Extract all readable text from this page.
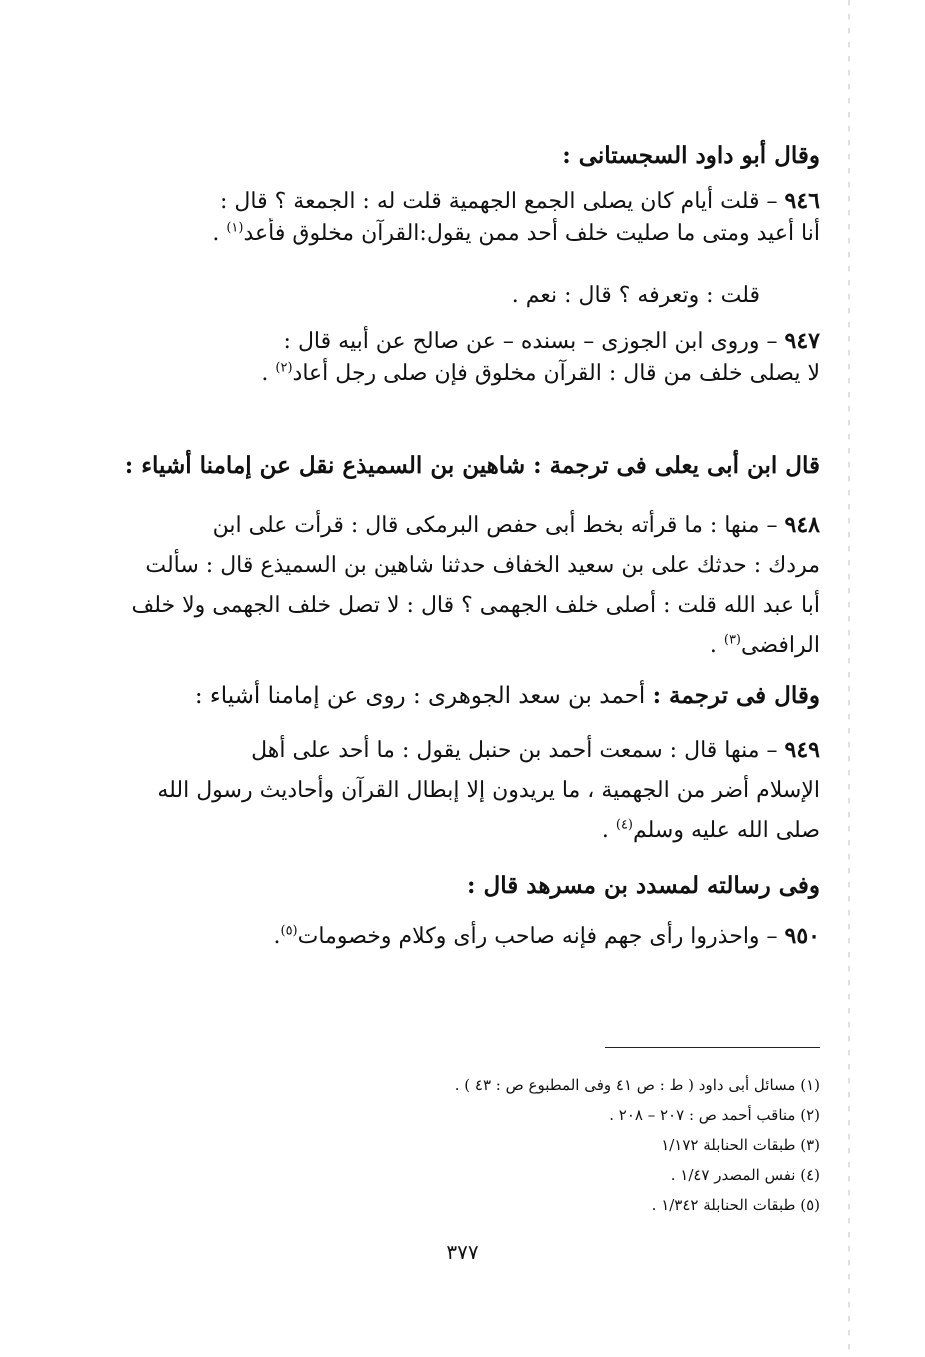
وقال أبو داود السجستانى :
٩٤٦ – قلت أيام كان يصلى الجمع الجهمية قلت له : الجمعة ؟ قال :
أنا أعيد ومتى ما صليت خلف أحد ممن يقول:القرآن مخلوق فأعد$^{(١)}$ .
قلت : وتعرفه ؟ قال : نعم .
٩٤٧ – وروى ابن الجوزى – بسنده – عن صالح عن أبيه قال :
لا يصلى خلف من قال : القرآن مخلوق فإن صلى رجل أعاد$^{(٢)}$ .
قال ابن أبى يعلى فى ترجمة : شاهين بن السميذع نقل عن إمامنا أشياء :
٩٤٨ – منها : ما قرأته بخط أبى حفص البرمكى قال : قرأت على ابن
مردك : حدثك على بن سعيد الخفاف حدثنا شاهين بن السميذع قال : سألت
أبا عبد الله قلت : أصلى خلف الجهمى ؟ قال : لا تصل خلف الجهمى ولا خلف
الرافضى$^{(٣)}$ .
وقال فى ترجمة : أحمد بن سعد الجوهرى : روى عن إمامنا أشياء :
٩٤٩ – منها قال : سمعت أحمد بن حنبل يقول : ما أحد على أهل
الإسلام أضر من الجهمية ، ما يريدون إلا إبطال القرآن وأحاديث رسول الله
صلى الله عليه وسلم$^{(٤)}$ .
وفى رسالته لمسدد بن مسرهد قال :
٩٥٠ – واحذروا رأى جهم فإنه صاحب رأى وكلام وخصومات$^{(٥)}$.
(١) مسائل أبى داود ( ط : ص ٤١ وفى المطبوع ص : ٤٣ ) .
(٢) مناقب أحمد ص : ٢٠٧ – ٢٠٨ .
(٣) طبقات الحنابلة ١/١٧٢
(٤) نفس المصدر ١/٤٧ .
(٥) طبقات الحنابلة ١/٣٤٢ .
٣٧٧
